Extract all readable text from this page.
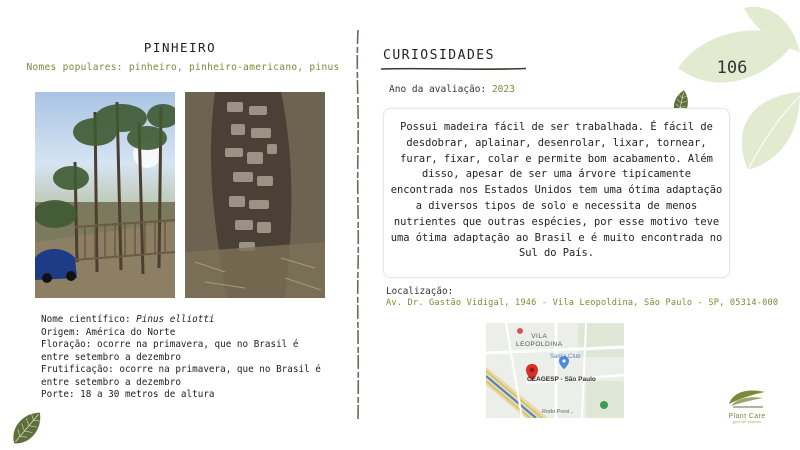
106
PINHEIRO
Nomes populares: pinheiro, pinheiro-americano, pinus
Nome científico: Pinus elliotti
Origem: América do Norte
Floração: ocorre na primavera, que no Brasil é
entre setembro a dezembro
Frutificação: ocorre na primavera, que no Brasil é
entre setembro a dezembro
Porte: 18 a 30 metros de altura
CURIOSIDADES
Ano da avaliação: 2023
Possui madeira fácil de ser trabalhada. É fácil de desdobrar, aplainar, desenrolar, lixar, tornear, furar, fixar, colar e permite bom acabamento. Além disso, apesar de ser uma árvore tipicamente encontrada nos Estados Unidos tem uma ótima adaptação a diversos tipos de solo e necessita de menos nutrientes que outras espécies, por esse motivo teve uma ótima adaptação ao Brasil e é muito encontrada no Sul do País.
Localização:
Av. Dr. Gastão Vidigal, 1946 - Vila Leopoldina, São Paulo - SP, 05314-000
VILA
LEOPOLDINA
Sam's Club
CEAGESP - São Paulo
Rodo.Presi...
Plant Care
guia de plantas
